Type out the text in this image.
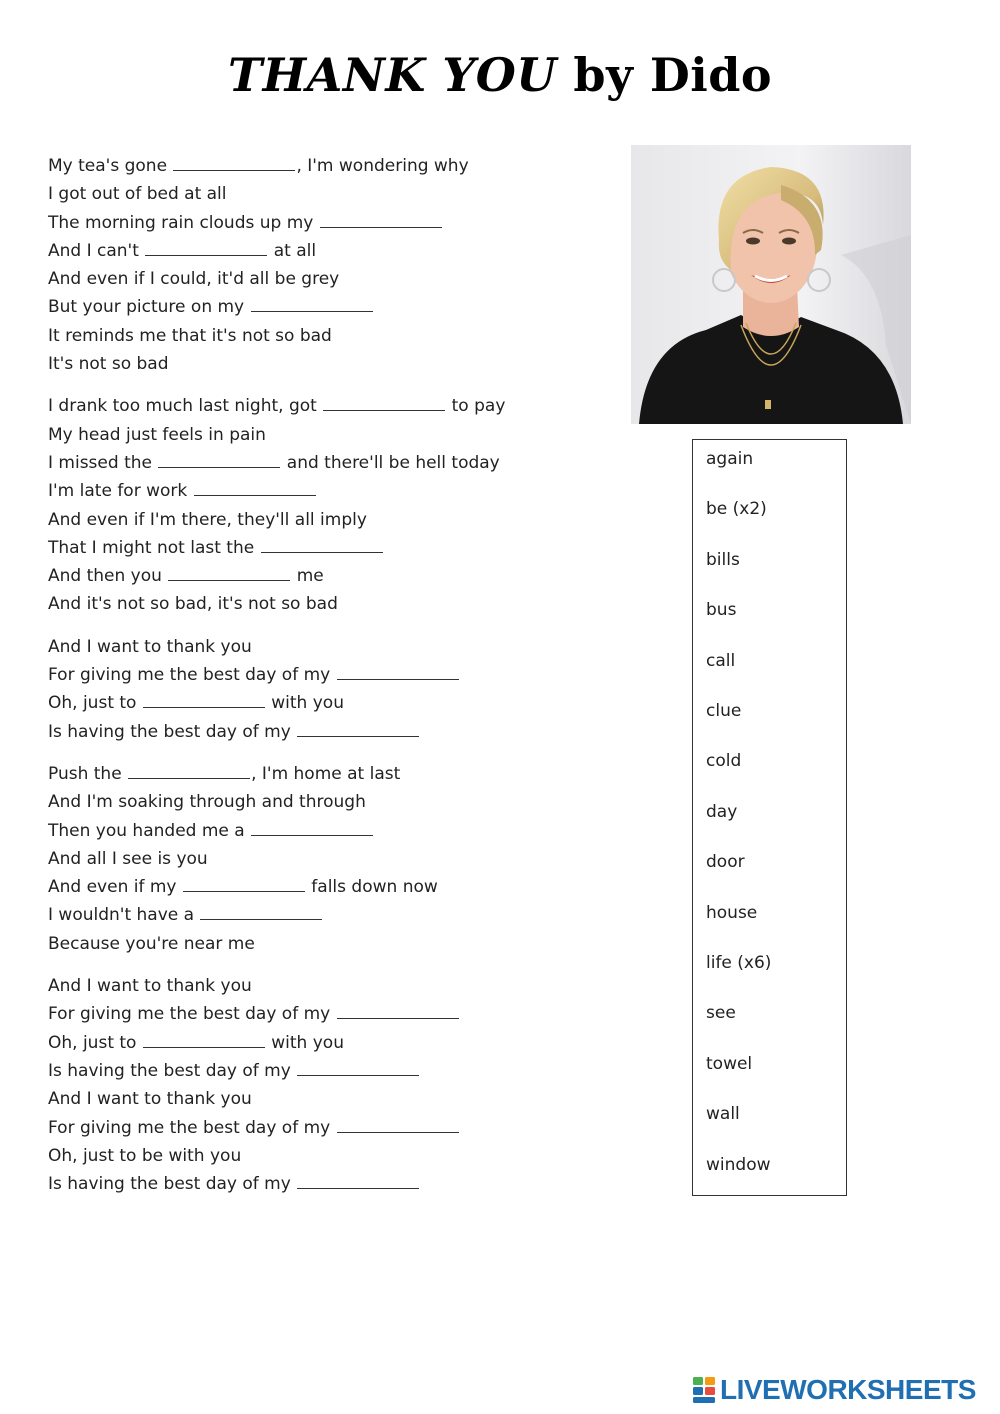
THANK YOU by Dido
My tea's gone	, I'm wondering why
I got out of bed at all
The morning rain clouds up my
And I can't	at all
And even if I could, it'd all be grey
But your picture on my
It reminds me that it's not so bad
It's not so bad
I drank too much last night, got	to pay
My head just feels in pain
I missed the	and there'll be hell today
I'm late for work
And even if I'm there, they'll all imply
That I might not last the
And then you	me
And it's not so bad, it's not so bad
And I want to thank you
For giving me the best day of my
Oh, just to	with you
Is having the best day of my
Push the	, I'm home at last
And I'm soaking through and through
Then you handed me a
And all I see is you
And even if my	falls down now
I wouldn't have a
Because you're near me
And I want to thank you
For giving me the best day of my
Oh, just to	with you
Is having the best day of my
And I want to thank you
For giving me the best day of my
Oh, just to be with you
Is having the best day of my
again
be (x2)
bills
bus
call
clue
cold
day
door
house
life (x6)
see
towel
wall
window
LIVEWORKSHEETS
